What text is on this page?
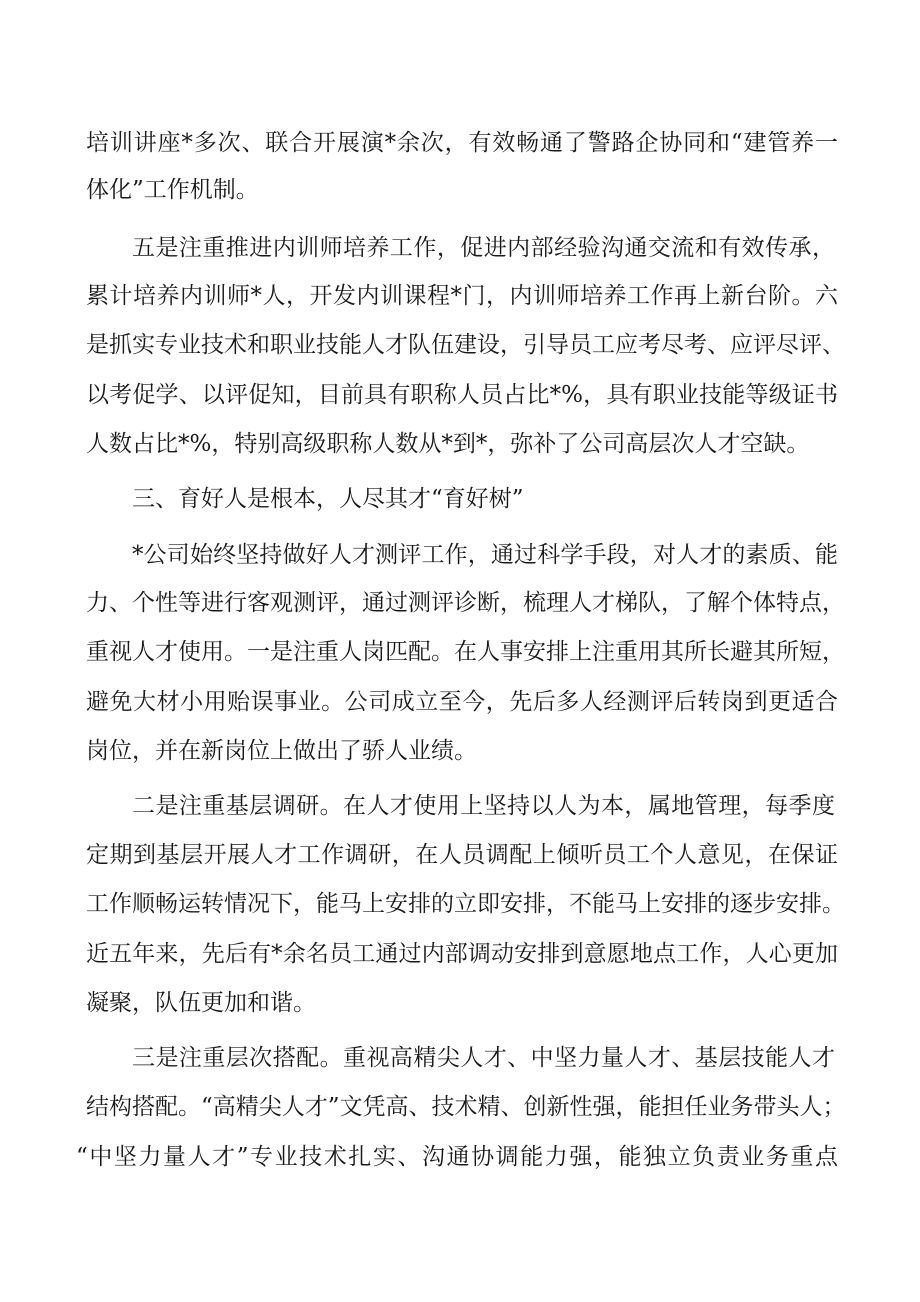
培训讲座*多次、联合开展演*余次，有效畅通了警路企协同和“建管养一
体化”工作机制。
五是注重推进内训师培养工作，促进内部经验沟通交流和有效传承，
累计培养内训师*人，开发内训课程*门，内训师培养工作再上新台阶。六
是抓实专业技术和职业技能人才队伍建设，引导员工应考尽考、应评尽评、
以考促学、以评促知，目前具有职称人员占比*%，具有职业技能等级证书
人数占比*%，特别高级职称人数从*到*，弥补了公司高层次人才空缺。
三、育好人是根本，人尽其才“育好树”
*公司始终坚持做好人才测评工作，通过科学手段，对人才的素质、能
力、个性等进行客观测评，通过测评诊断，梳理人才梯队，了解个体特点，
重视人才使用。一是注重人岗匹配。在人事安排上注重用其所长避其所短，
避免大材小用贻误事业。公司成立至今，先后多人经测评后转岗到更适合
岗位，并在新岗位上做出了骄人业绩。
二是注重基层调研。在人才使用上坚持以人为本，属地管理，每季度
定期到基层开展人才工作调研，在人员调配上倾听员工个人意见，在保证
工作顺畅运转情况下，能马上安排的立即安排，不能马上安排的逐步安排。
近五年来，先后有*余名员工通过内部调动安排到意愿地点工作，人心更加
凝聚，队伍更加和谐。
三是注重层次搭配。重视高精尖人才、中坚力量人才、基层技能人才
结构搭配。“高精尖人才”文凭高、技术精、创新性强，能担任业务带头人；
“中坚力量人才”专业技术扎实、沟通协调能力强，能独立负责业务重点
